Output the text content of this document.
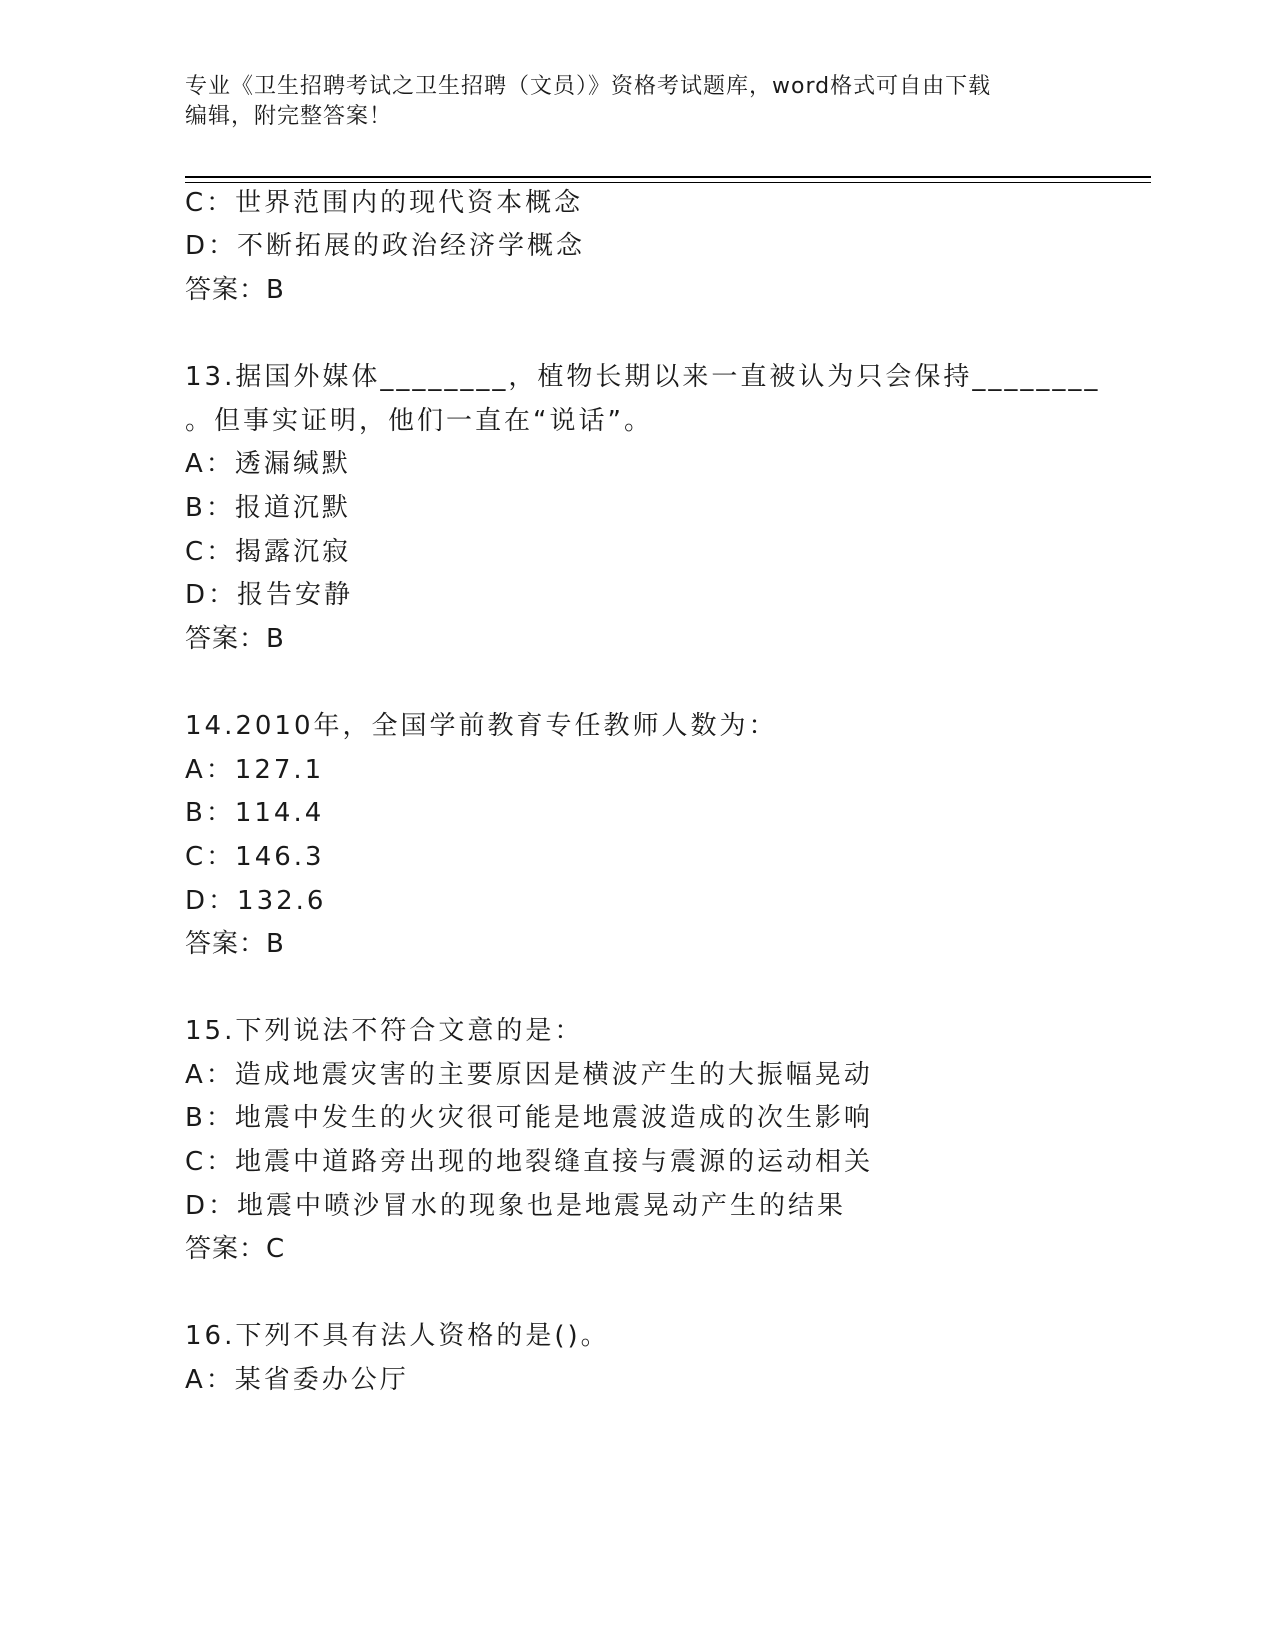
专业《卫生招聘考试之卫生招聘（文员）》资格考试题库，word格式可自由下载
编辑，附完整答案！
C：世界范围内的现代资本概念
D：不断拓展的政治经济学概念
答案：B
13.据国外媒体________，植物长期以来一直被认为只会保持________
。但事实证明，他们一直在“说话”。
A：透漏缄默
B：报道沉默
C：揭露沉寂
D：报告安静
答案：B
14.2010年，全国学前教育专任教师人数为：
A：127.1
B：114.4
C：146.3
D：132.6
答案：B
15.下列说法不符合文意的是：
A：造成地震灾害的主要原因是横波产生的大振幅晃动
B：地震中发生的火灾很可能是地震波造成的次生影响
C：地震中道路旁出现的地裂缝直接与震源的运动相关
D：地震中喷沙冒水的现象也是地震晃动产生的结果
答案：C
16.下列不具有法人资格的是()。
A：某省委办公厅
